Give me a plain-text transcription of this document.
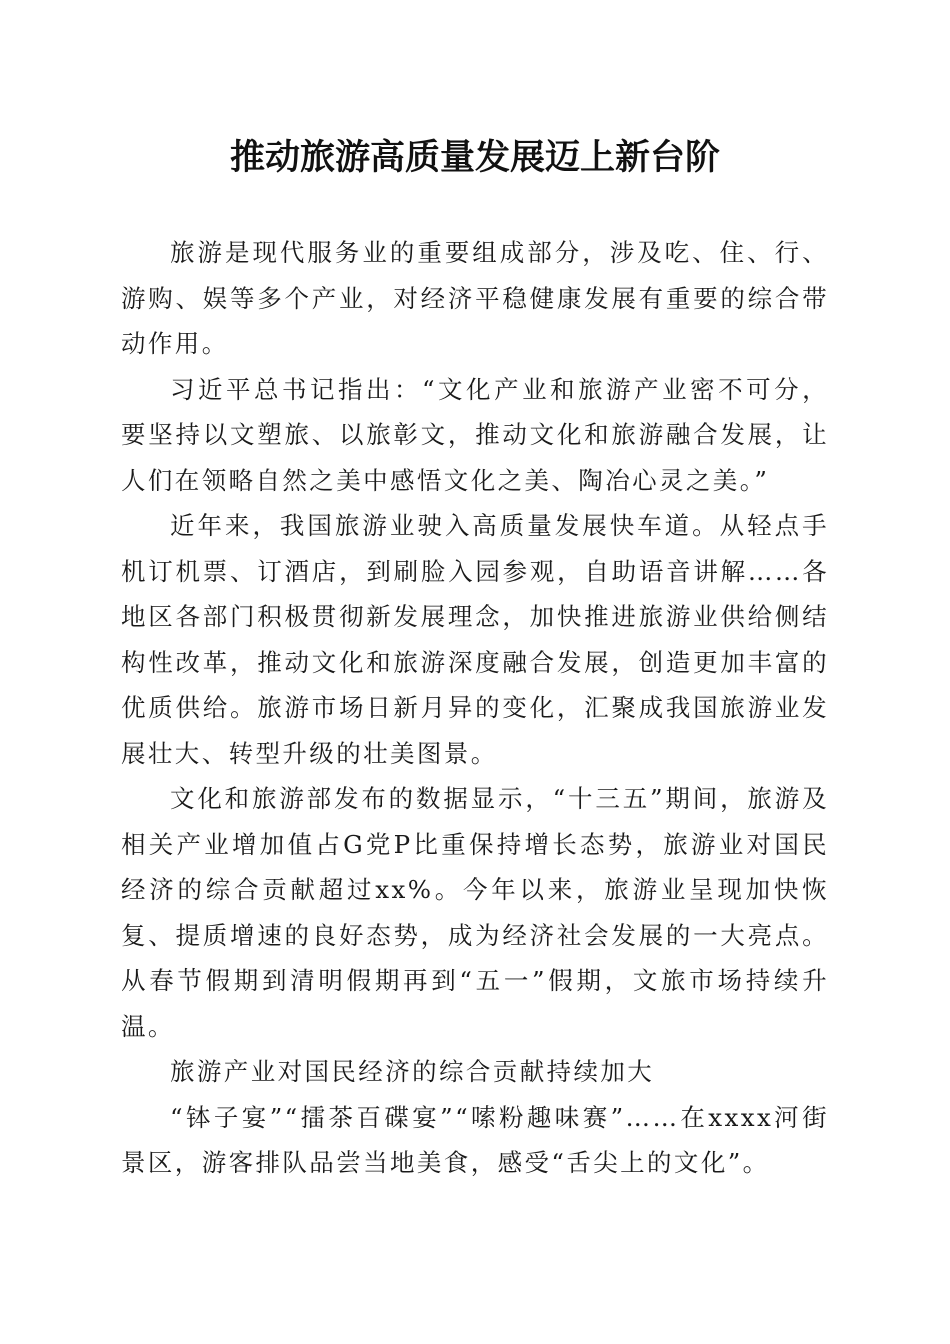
推动旅游高质量发展迈上新台阶

旅游是现代服务业的重要组成部分，涉及吃、住、行、游购、娱等多个产业，对经济平稳健康发展有重要的综合带动作用。

习近平总书记指出：“文化产业和旅游产业密不可分，要坚持以文塑旅、以旅彰文，推动文化和旅游融合发展，让人们在领略自然之美中感悟文化之美、陶冶心灵之美。”

近年来，我国旅游业驶入高质量发展快车道。从轻点手机订机票、订酒店，到刷脸入园参观，自助语音讲解……各地区各部门积极贯彻新发展理念，加快推进旅游业供给侧结构性改革，推动文化和旅游深度融合发展，创造更加丰富的优质供给。旅游市场日新月异的变化，汇聚成我国旅游业发展壮大、转型升级的壮美图景。

文化和旅游部发布的数据显示，“十三五”期间，旅游及相关产业增加值占G党P比重保持增长态势，旅游业对国民经济的综合贡献超过xx%。今年以来，旅游业呈现加快恢复、提质增速的良好态势，成为经济社会发展的一大亮点。从春节假期到清明假期再到“五一”假期，文旅市场持续升温。

旅游产业对国民经济的综合贡献持续加大

“钵子宴”“擂茶百碟宴”“嗦粉趣味赛”……在xxxx河街景区，游客排队品尝当地美食，感受“舌尖上的文化”。
